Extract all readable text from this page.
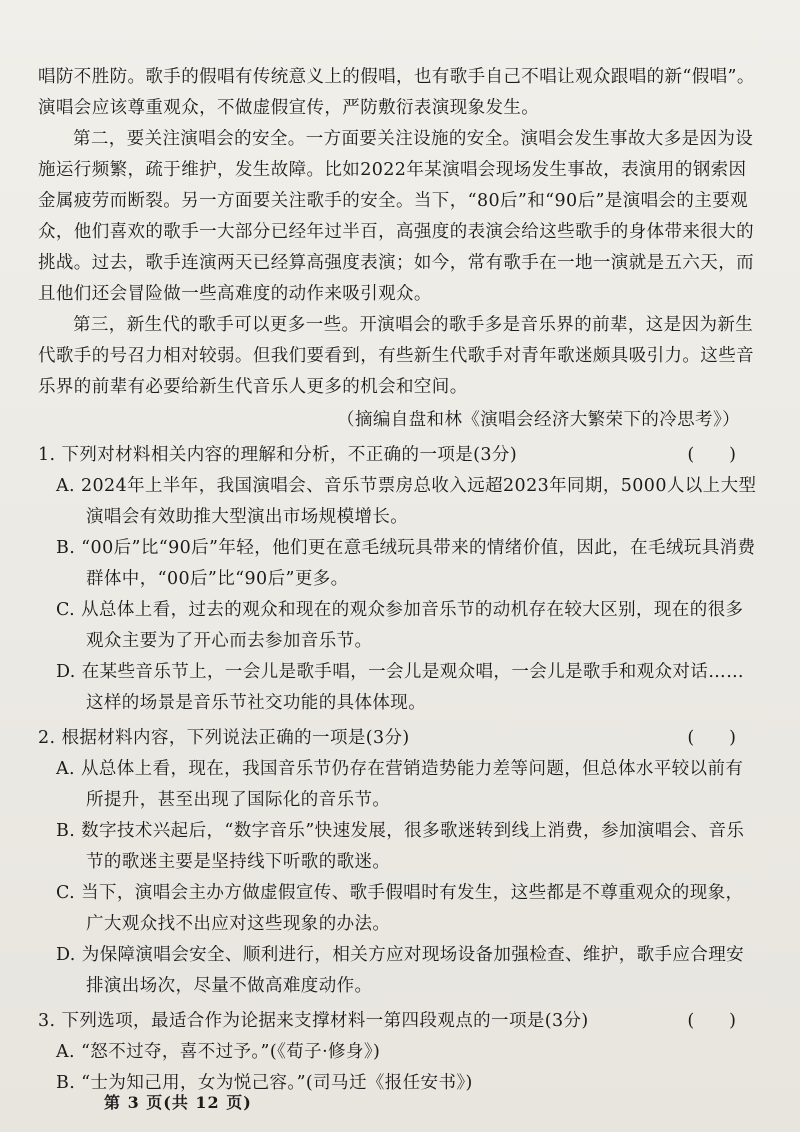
唱防不胜防。歌手的假唱有传统意义上的假唱，也有歌手自己不唱让观众跟唱的新“假唱”。演唱会应该尊重观众，不做虚假宣传，严防敷衍表演现象发生。

第二，要关注演唱会的安全。一方面要关注设施的安全。演唱会发生事故大多是因为设施运行频繁，疏于维护，发生故障。比如2022年某演唱会现场发生事故，表演用的钢索因金属疲劳而断裂。另一方面要关注歌手的安全。当下，“80后”和“90后”是演唱会的主要观众，他们喜欢的歌手一大部分已经年过半百，高强度的表演会给这些歌手的身体带来很大的挑战。过去，歌手连演两天已经算高强度表演；如今，常有歌手在一地一演就是五六天，而且他们还会冒险做一些高难度的动作来吸引观众。

第三，新生代的歌手可以更多一些。开演唱会的歌手多是音乐界的前辈，这是因为新生代歌手的号召力相对较弱。但我们要看到，有些新生代歌手对青年歌迷颇具吸引力。这些音乐界的前辈有必要给新生代音乐人更多的机会和空间。

（摘编自盘和林《演唱会经济大繁荣下的冷思考》）

1. 下列对材料相关内容的理解和分析，不正确的一项是(3分)	(　　)

A. 2024年上半年，我国演唱会、音乐节票房总收入远超2023年同期，5000人以上大型演唱会有效助推大型演出市场规模增长。

B. “00后”比“90后”年轻，他们更在意毛绒玩具带来的情绪价值，因此，在毛绒玩具消费群体中，“00后”比“90后”更多。

C. 从总体上看，过去的观众和现在的观众参加音乐节的动机存在较大区别，现在的很多观众主要为了开心而去参加音乐节。

D. 在某些音乐节上，一会儿是歌手唱，一会儿是观众唱，一会儿是歌手和观众对话……这样的场景是音乐节社交功能的具体体现。

2. 根据材料内容，下列说法正确的一项是(3分)	(　　)

A. 从总体上看，现在，我国音乐节仍存在营销造势能力差等问题，但总体水平较以前有所提升，甚至出现了国际化的音乐节。

B. 数字技术兴起后，“数字音乐”快速发展，很多歌迷转到线上消费，参加演唱会、音乐节的歌迷主要是坚持线下听歌的歌迷。

C. 当下，演唱会主办方做虚假宣传、歌手假唱时有发生，这些都是不尊重观众的现象，广大观众找不出应对这些现象的办法。

D. 为保障演唱会安全、顺利进行，相关方应对现场设备加强检查、维护，歌手应合理安排演出场次，尽量不做高难度动作。

3. 下列选项，最适合作为论据来支撑材料一第四段观点的一项是(3分)	(　　)

A. “怒不过夺，喜不过予。”(《荀子·修身》)

B. “士为知己用，女为悦己容。”(司马迁《报任安书》)

第 3 页(共 12 页)
